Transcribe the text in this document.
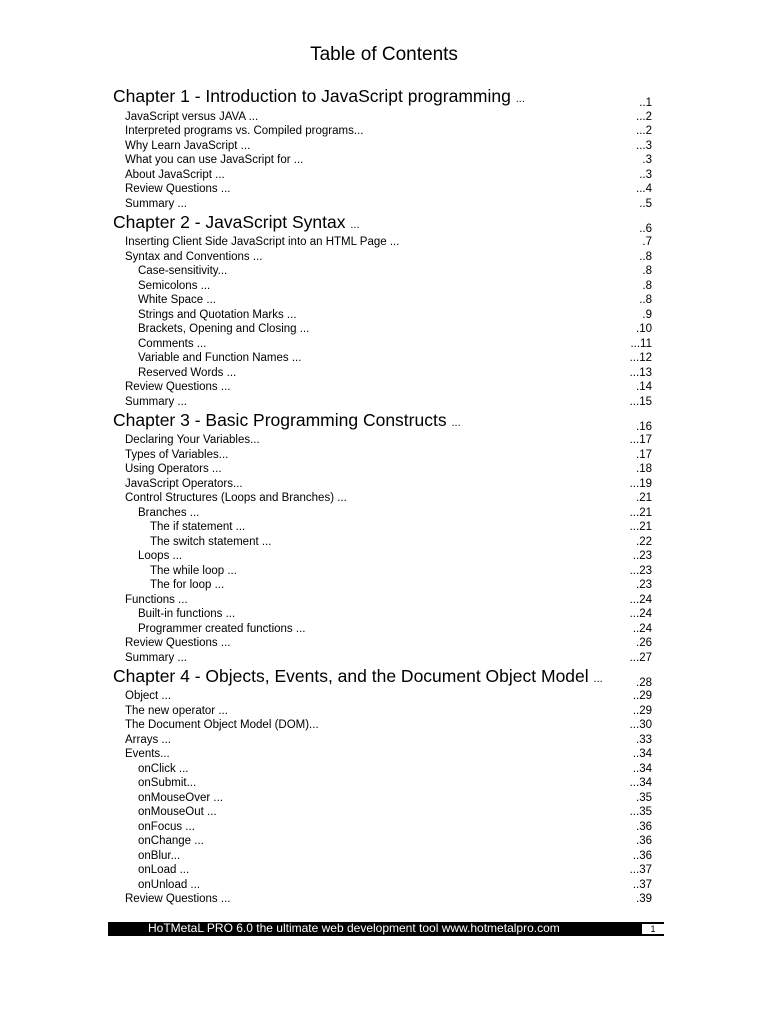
Table of Contents
Chapter 1 - Introduction to JavaScript programming ...	..1
JavaScript versus JAVA ...	...2
Interpreted programs vs. Compiled programs...	...2
Why Learn JavaScript ...	...3
What you can use JavaScript for ...	.3
About JavaScript ...	..3
Review Questions ...	...4
Summary ...	..5
Chapter 2 - JavaScript Syntax ...	..6
Inserting Client Side JavaScript into an HTML Page ...	.7
Syntax and Conventions ...	..8
Case-sensitivity...	.8
Semicolons ...	.8
White Space ...	..8
Strings and Quotation Marks ...	.9
Brackets, Opening and Closing ...	.10
Comments ...	...11
Variable and Function Names ...	...12
Reserved Words ...	...13
Review Questions ...	.14
Summary ...	...15
Chapter 3 - Basic Programming Constructs ...	.16
Declaring Your Variables...	...17
Types of Variables...	.17
Using Operators ...	.18
JavaScript Operators...	...19
Control Structures (Loops and Branches) ...	.21
Branches ...	...21
The if statement ...	...21
The switch statement ...	.22
Loops ...	..23
The while loop ...	...23
The for loop ...	.23
Functions ...	...24
Built-in functions ...	...24
Programmer created functions ...	..24
Review Questions ...	.26
Summary ...	...27
Chapter 4 - Objects, Events, and the Document Object Model ...	.28
Object ...	..29
The new operator ...	..29
The Document Object Model (DOM)...	...30
Arrays ...	.33
Events...	..34
onClick ...	..34
onSubmit...	...34
onMouseOver ...	.35
onMouseOut ...	...35
onFocus ...	.36
onChange ...	.36
onBlur...	..36
onLoad ...	...37
onUnload ...	..37
Review Questions ...	.39
HoTMetaL PRO 6.0 the ultimate web development tool www.hotmetalpro.com	1
